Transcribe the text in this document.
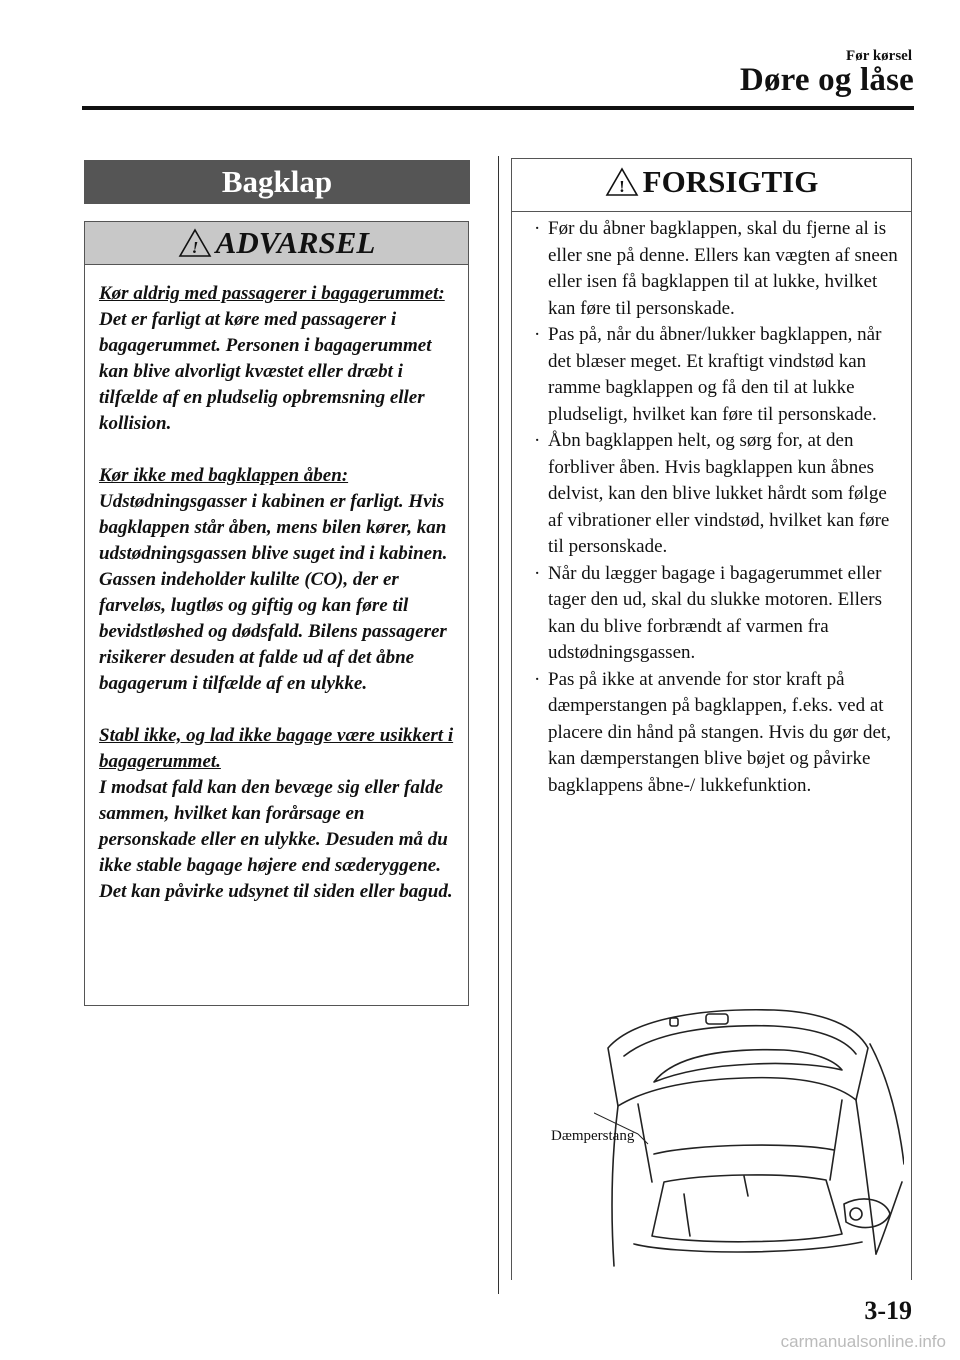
Før kørsel
Døre og låse
Bagklap
! ADVARSEL

Kør aldrig med passagerer i bagagerummet:
Det er farligt at køre med passagerer i bagagerummet. Personen i bagagerummet kan blive alvorligt kvæstet eller dræbt i tilfælde af en pludselig opbremsning eller kollision.

Kør ikke med bagklappen åben:
Udstødningsgasser i kabinen er farligt. Hvis bagklappen står åben, mens bilen kører, kan udstødningsgassen blive suget ind i kabinen. Gassen indeholder kulilte (CO), der er farveløs, lugtløs og giftig og kan føre til bevidstløshed og dødsfald. Bilens passagerer risikerer desuden at falde ud af det åbne bagagerum i tilfælde af en ulykke.

Stabl ikke, og lad ikke bagage være usikkert i bagagerummet.
I modsat fald kan den bevæge sig eller falde sammen, hvilket kan forårsage en personskade eller en ulykke. Desuden må du ikke stable bagage højere end sæderyggene. Det kan påvirke udsynet til siden eller bagud.

! FORSIGTIG
· Før du åbner bagklappen, skal du fjerne al is eller sne på denne. Ellers kan vægten af sneen eller isen få bagklappen til at lukke, hvilket kan føre til personskade.
· Pas på, når du åbner/lukker bagklappen, når det blæser meget. Et kraftigt vindstød kan ramme bagklappen og få den til at lukke pludseligt, hvilket kan føre til personskade.
· Åbn bagklappen helt, og sørg for, at den forbliver åben. Hvis bagklappen kun åbnes delvist, kan den blive lukket hårdt som følge af vibrationer eller vindstød, hvilket kan føre til personskade.
· Når du lægger bagage i bagagerummet eller tager den ud, skal du slukke motoren. Ellers kan du blive forbrændt af varmen fra udstødningsgassen.
· Pas på ikke at anvende for stor kraft på dæmperstangen på bagklappen, f.eks. ved at placere din hånd på stangen. Hvis du gør det, kan dæmperstangen blive bøjet og påvirke bagklappens åbne-/ lukkefunktion.
Dæmperstang
3-19
carmanualsonline.info
